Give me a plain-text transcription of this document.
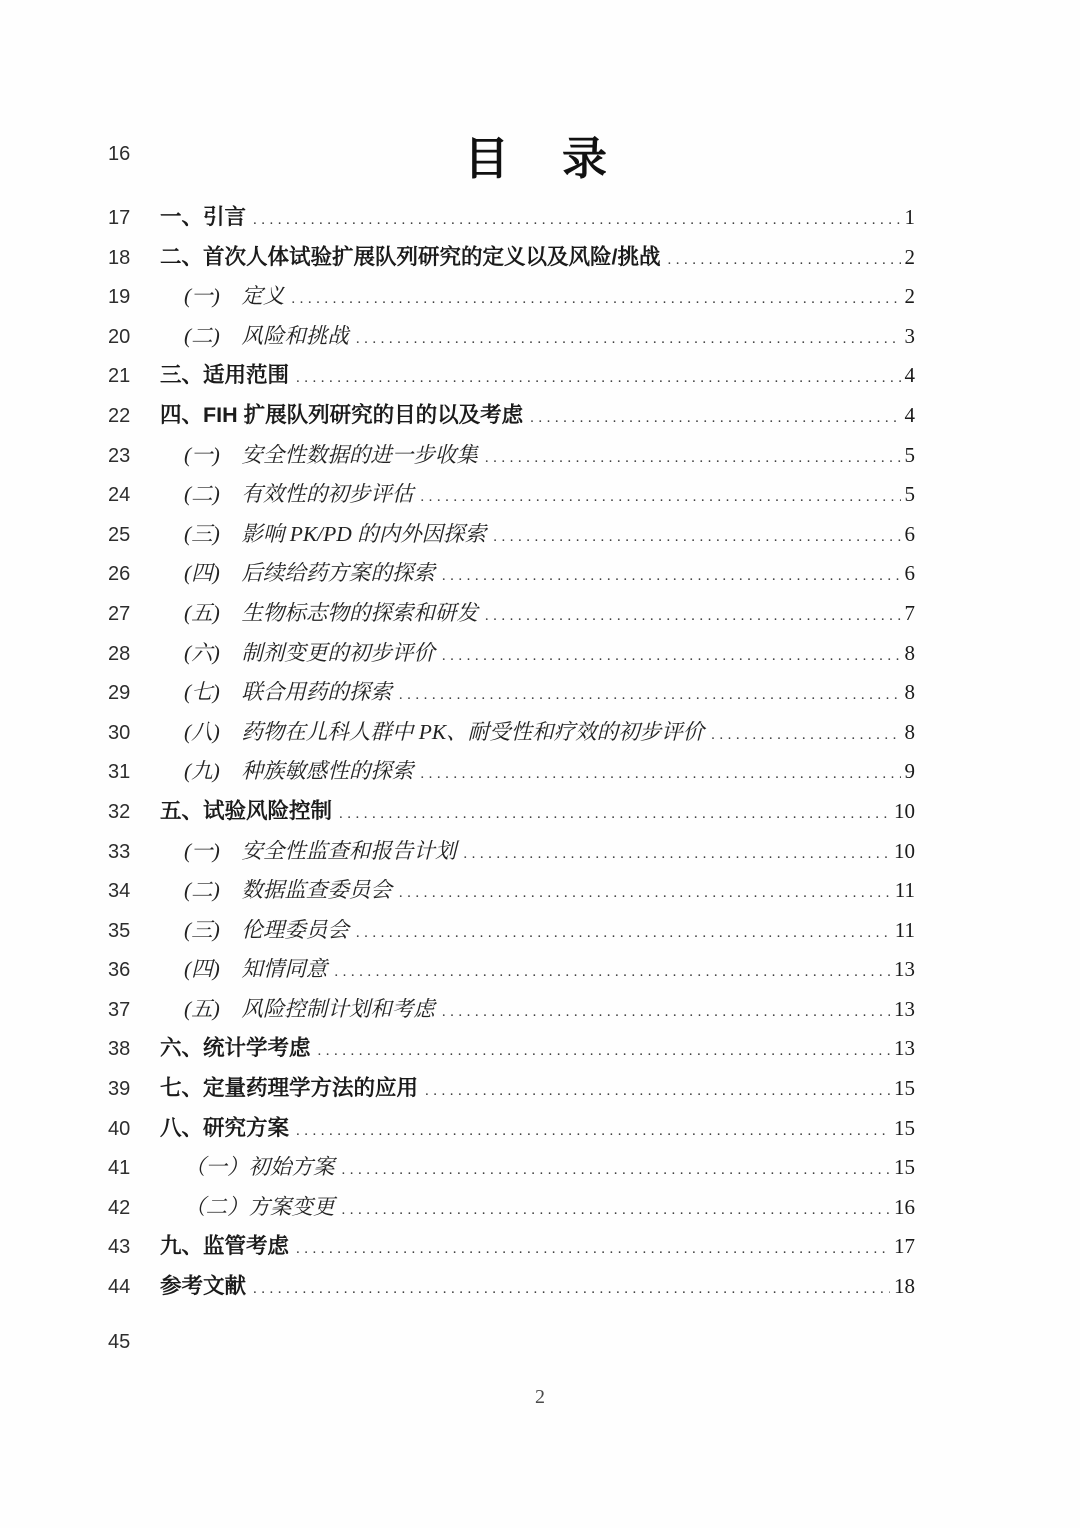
16	目　录
17	一、引言 .....	1
18	二、首次人体试验扩展队列研究的定义以及风险/挑战 .....	2
19	(一)　定义 .....	2
20	(二)　风险和挑战 .....	3
21	三、适用范围 .....	4
22	四、FIH 扩展队列研究的目的以及考虑 .....	4
23	(一)　安全性数据的进一步收集 .....	5
24	(二)　有效性的初步评估 .....	5
25	(三)　影响 PK/PD 的内外因探索 .....	6
26	(四)　后续给药方案的探索 .....	6
27	(五)　生物标志物的探索和研发 .....	7
28	(六)　制剂变更的初步评价 .....	8
29	(七)　联合用药的探索 .....	8
30	(八)　药物在儿科人群中 PK、耐受性和疗效的初步评价 .....	8
31	(九)　种族敏感性的探索 .....	9
32	五、试验风险控制 .....	10
33	(一)　安全性监查和报告计划 .....	10
34	(二)　数据监查委员会 .....	11
35	(三)　伦理委员会 .....	11
36	(四)　知情同意 .....	13
37	(五)　风险控制计划和考虑 .....	13
38	六、统计学考虑 .....	13
39	七、定量药理学方法的应用 .....	15
40	八、研究方案 .....	15
41	（一）初始方案 .....	15
42	（二）方案变更 .....	16
43	九、监管考虑 .....	17
44	参考文献 .....	18
45
2
